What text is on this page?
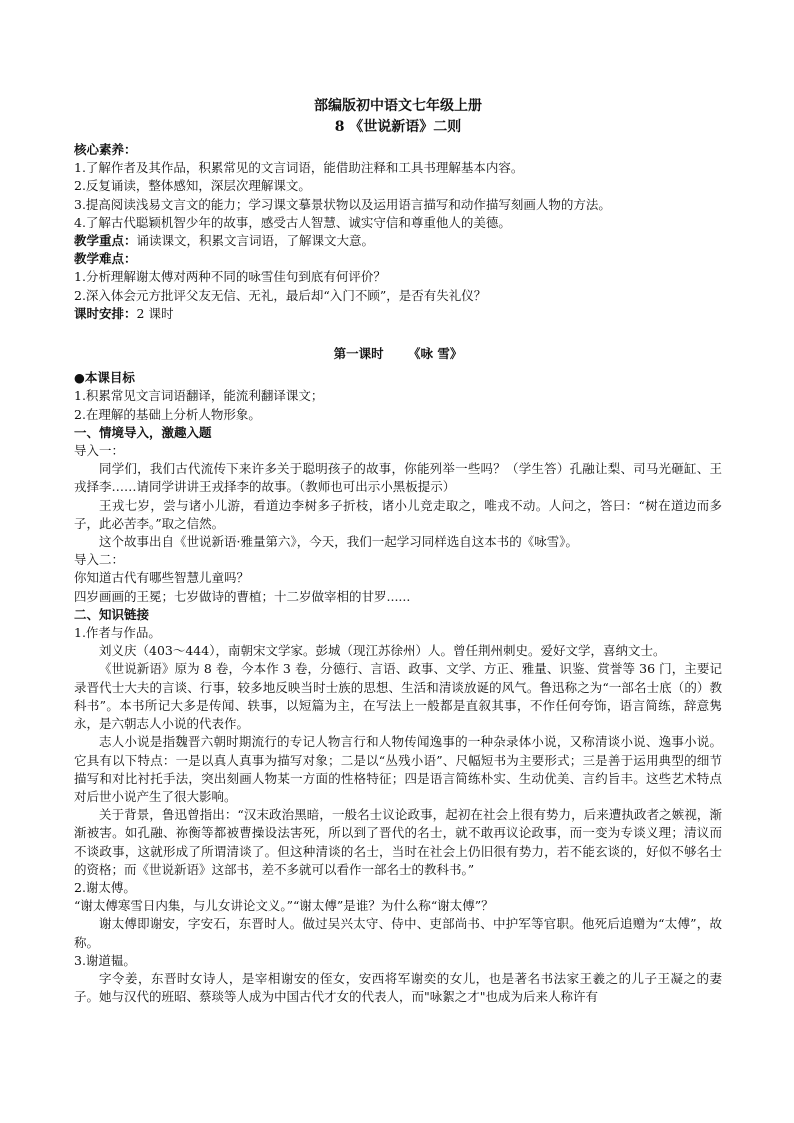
部编版初中语文七年级上册
8 《世说新语》二则

核心素养：

1.了解作者及其作品，积累常见的文言词语，能借助注释和工具书理解基本内容。

2.反复诵读，整体感知，深层次理解课文。

3.提高阅读浅易文言文的能力；学习课文摹景状物以及运用语言描写和动作描写刻画人物的方法。

4.了解古代聪颖机智少年的故事，感受古人智慧、诚实守信和尊重他人的美德。

教学重点：诵读课文，积累文言词语，了解课文大意。

教学难点：

1.分析理解谢太傅对两种不同的咏雪佳句到底有何评价？

2.深入体会元方批评父友无信、无礼，最后却“入门不顾”，是否有失礼仪？

课时安排：2 课时

第一课时 《咏 雪》

●本课目标

1.积累常见文言词语翻译，能流利翻译课文；

2.在理解的基础上分析人物形象。

一、情境导入，激趣入题

导入一：

同学们，我们古代流传下来许多关于聪明孩子的故事，你能列举一些吗？（学生答）孔融让梨、司马光砸缸、王戎择李……请同学讲讲王戎择李的故事。（教师也可出示小黑板提示）

王戎七岁，尝与诸小儿游，看道边李树多子折枝，诸小儿竞走取之，唯戎不动。人问之，答曰：“树在道边而多子，此必苦李。”取之信然。

这个故事出自《世说新语·雅量第六》，今天，我们一起学习同样选自这本书的《咏雪》。

导入二：

你知道古代有哪些智慧儿童吗？

四岁画画的王冕；七岁做诗的曹植；十二岁做宰相的甘罗......

二、知识链接

1.作者与作品。

刘义庆（403～444），南朝宋文学家。彭城（现江苏徐州）人。曾任荆州刺史。爱好文学，喜纳文士。

《世说新语》原为 8 卷，今本作 3 卷，分德行、言语、政事、文学、方正、雅量、识鉴、赏誉等 36 门，主要记录晋代士大夫的言谈、行事，较多地反映当时士族的思想、生活和清谈放诞的风气。鲁迅称之为“一部名士底（的）教科书”。本书所记大多是传闻、轶事，以短篇为主，在写法上一般都是直叙其事，不作任何夸饰，语言简练，辞意隽永，是六朝志人小说的代表作。

志人小说是指魏晋六朝时期流行的专记人物言行和人物传闻逸事的一种杂录体小说，又称清谈小说、逸事小说。它具有以下特点：一是以真人真事为描写对象；二是以“丛残小语”、尺幅短书为主要形式；三是善于运用典型的细节描写和对比衬托手法，突出刻画人物某一方面的性格特征；四是语言简练朴实、生动优美、言约旨丰。这些艺术特点对后世小说产生了很大影响。

关于背景，鲁迅曾指出：“汉末政治黑暗，一般名士议论政事，起初在社会上很有势力，后来遭执政者之嫉视，渐渐被害。如孔融、祢衡等都被曹操设法害死，所以到了晋代的名士，就不敢再议论政事，而一变为专谈义理；清议而不谈政事，这就形成了所谓清谈了。但这种清谈的名士，当时在社会上仍旧很有势力，若不能玄谈的，好似不够名士的资格；而《世说新语》这部书，差不多就可以看作一部名士的教科书。”

2.谢太傅。

“谢太傅寒雪日内集，与儿女讲论文义。”“谢太傅”是谁？为什么称“谢太傅”？

谢太傅即谢安，字安石，东晋时人。做过吴兴太守、侍中、吏部尚书、中护军等官职。他死后追赠为“太傅”，故称。

3.谢道韫。

字令姜，东晋时女诗人，是宰相谢安的侄女，安西将军谢奕的女儿，也是著名书法家王羲之的儿子王凝之的妻子。她与汉代的班昭、蔡琰等人成为中国古代才女的代表人，而"咏絮之才"也成为后来人称许有
